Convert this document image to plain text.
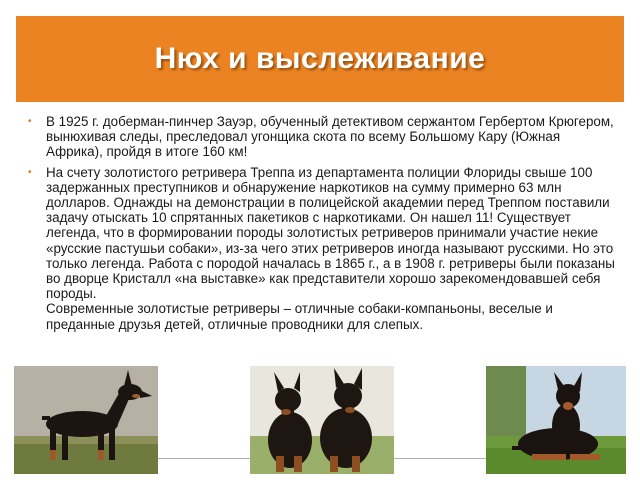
Нюх и выслеживание
• В 1925 г. доберман-пинчер Зауэр, обученный детективом сержантом Гербертом Крюгером, вынюхивая следы, преследовал угонщика скота по всему Большому Кару (Южная Африка), пройдя в итоге 160 км!

• На счету золотистого ретривера Треппа из департамента полиции Флориды свыше 100 задержанных преступников и обнаружение наркотиков на сумму примерно 63 млн долларов. Однажды на демонстрации в полицейской академии перед Треппом поставили задачу отыскать 10 спрятанных пакетиков с наркотиками. Он нашел 11! Существует легенда, что в формировании породы золотистых ретриверов принимали участие некие «русские пастушьи собаки», из-за чего этих ретриверов иногда называют русскими. Но это только легенда. Работа с породой началась в 1865 г., а в 1908 г. ретриверы были показаны во дворце Кристалл «на выставке» как представители хорошо зарекомендовавшей себя породы.

Современные золотистые ретриверы – отличные собаки-компаньоны, веселые и преданные друзья детей, отличные проводники для слепых.
